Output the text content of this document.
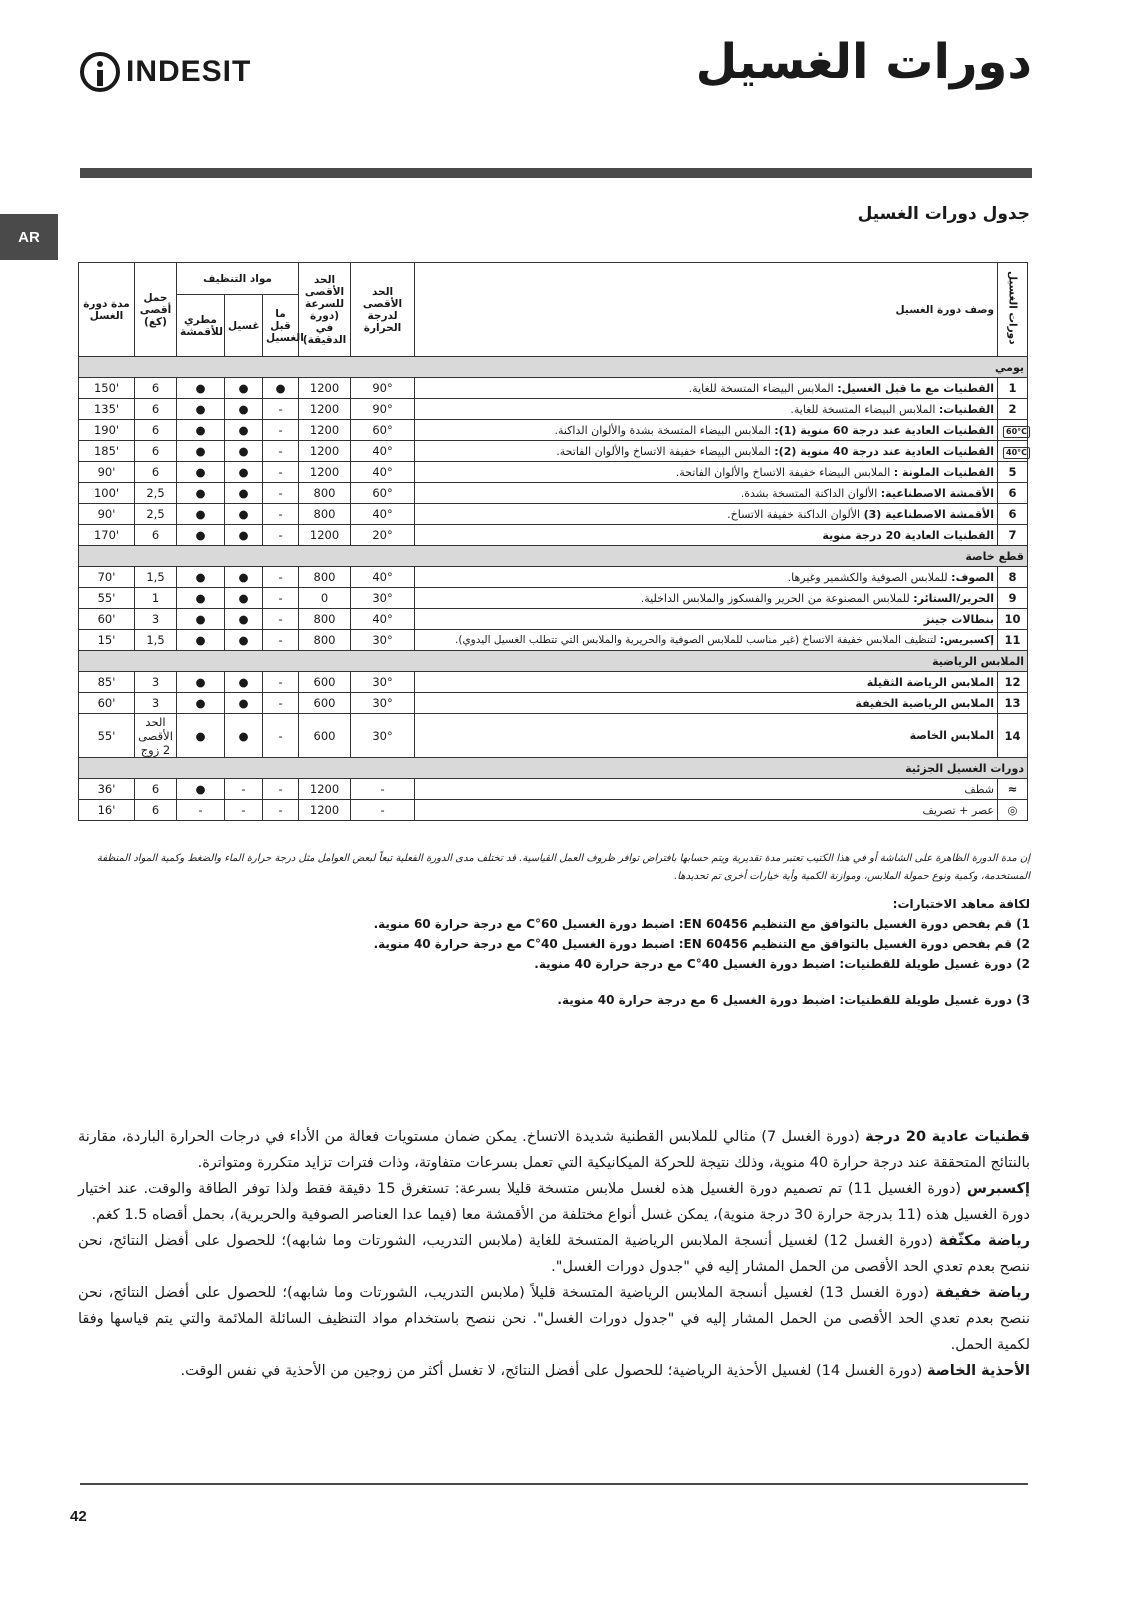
INDESIT	دورات الغسيل
AR
جدول دورات الغسيل
مدة دورة الغسل	حمل أقصى (كغ)	مواد التنظيف			الحد الأقصى للسرعة (دورة في الدقيقة)	الحد الأقصى لدرجة الحرارة	وصف دورة الغسيل	دورات الغسيل
		مطري للأقمشة	غسيل	ما قبل الغسيل				
يومي								
150'	6	●	●	●	1200	90°	القطنيات مع ما قبل الغسيل: الملابس البيضاء المتسخة للغاية.	1
135'	6	●	●	-	1200	90°	القطنيات: الملابس البيضاء المتسخة للغاية.	2
190'	6	●	●	-	1200	60°	القطنيات العادية عند درجة 60 منوية (1): الملابس البيضاء المتسخة بشدة والألوان الداكنة.	60°C
185'	6	●	●	-	1200	40°	القطنيات العادية عند درجة 40 منوية (2): الملابس البيضاء خفيفة الاتساخ والألوان الفاتحة.	40°C
90'	6	●	●	-	1200	40°	القطنيات الملونة : الملابس البيضاء خفيفة الاتساخ والألوان الفاتحة.	5
100'	2,5	●	●	-	800	60°	الأقمشة الاصطناعية: الألوان الداكنة المتسخة بشدة.	6
90'	2,5	●	●	-	800	40°	الأقمشة الاصطناعية (3) الألوان الداكنة خفيفة الاتساخ.	6
170'	6	●	●	-	1200	20°	القطنيات العادية 20 درجة منوية	7
قطع خاصة								
70'	1,5	●	●	-	800	40°	الصوف: للملابس الصوفية والكشمير وغيرها.	8
55'	1	●	●	-	0	30°	الحرير/الستائر: للملابس المصنوعة من الحرير والفسكوز والملابس الداخلية.	9
60'	3	●	●	-	800	40°	بنطالات جينز	10
15'	1,5	●	●	-	800	30°	إكسبريس: لتنظيف الملابس خفيفة الاتساخ (غير مناسب للملابس الصوفية والحريرية والملابس التي تتطلب الغسيل اليدوي).	11
الملابس الرياضية								
85'	3	●	●	-	600	30°	الملابس الرياضة الثقيلة	12
60'	3	●	●	-	600	30°	الملابس الرياضية الخفيفة	13
55'	الحد الأقصى 2 زوج	●	●	-	600	30°	الملابس الخاصة	14
دورات الغسيل الجزئية								
36'	6	●	-	-	1200	-	شطف	≈
16'	6	-	-	-	1200	-	عصر + تصريف	◎
إن مدة الدورة الظاهرة على الشاشة أو في هذا الكتيب تعتبر مدة تقديرية ويتم حسابها بافتراض توافر ظروف العمل القياسية. قد تختلف مدى الدورة الفعلية تبعاً لبعض العوامل مثل درجة حرارة الماء والضغط وكمية المواد المنظفة المستخدمة، وكمية ونوع حمولة الملابس، وموازنة الكمية وأية خيارات أخرى تم تحديدها.
لكافة معاهد الاختبارات:
1) قم بفحص دورة الغسيل بالتوافق مع التنظيم EN 60456: اضبط دورة الغسيل 60°C مع درجة حرارة 60 منوية.
2) قم بفحص دورة الغسيل بالتوافق مع التنظيم EN 60456: اضبط دورة الغسيل 40°C مع درجة حرارة 40 منوية.
2) دورة غسيل طويلة للقطنيات: اضبط دورة الغسيل 40°C مع درجة حرارة 40 منوية.
3) دورة غسيل طويلة للقطنيات: اضبط دورة الغسيل 6 مع درجة حرارة 40 منوية.

قطنيات عادية 20 درجة (دورة الغسل 7) مثالي للملابس القطنية شديدة الاتساخ. يمكن ضمان مستويات فعالة من الأداء في درجات الحرارة الباردة، مقارنة بالنتائج المتحققة عند درجة حرارة 40 منوية، وذلك نتيجة للحركة الميكانيكية التي تعمل بسرعات متفاوتة، وذات فترات تزايد متكررة ومتواترة.

إكسبرس (دورة الغسيل 11) تم تصميم دورة الغسيل هذه لغسل ملابس متسخة قليلا بسرعة: تستغرق 15 دقيقة فقط ولذا توفر الطاقة والوقت. عند اختيار دورة الغسيل هذه (11 بدرجة حرارة 30 درجة منوية)، يمكن غسل أنواع مختلفة من الأقمشة معا (فيما عدا العناصر الصوفية والحريرية)، بحمل أقصاه 1.5 كغم.

رياضة مكثّفة (دورة الغسل 12) لغسيل أنسجة الملابس الرياضية المتسخة للغاية (ملابس التدريب، الشورتات وما شابهه)؛ للحصول على أفضل النتائج، نحن ننصح بعدم تعدي الحد الأقصى من الحمل المشار إليه في "جدول دورات الغسل".

رياضة خفيفة (دورة الغسل 13) لغسيل أنسجة الملابس الرياضية المتسخة قليلاً (ملابس التدريب، الشورتات وما شابهه)؛ للحصول على أفضل النتائج، نحن ننصح بعدم تعدي الحد الأقصى من الحمل المشار إليه في "جدول دورات الغسل". نحن ننصح باستخدام مواد التنظيف السائلة الملائمة والتي يتم قياسها وفقا لكمية الحمل.

الأحذية الخاصة (دورة الغسل 14) لغسيل الأحذية الرياضية؛ للحصول على أفضل النتائج، لا تغسل أكثر من زوجين من الأحذية في نفس الوقت.

42
